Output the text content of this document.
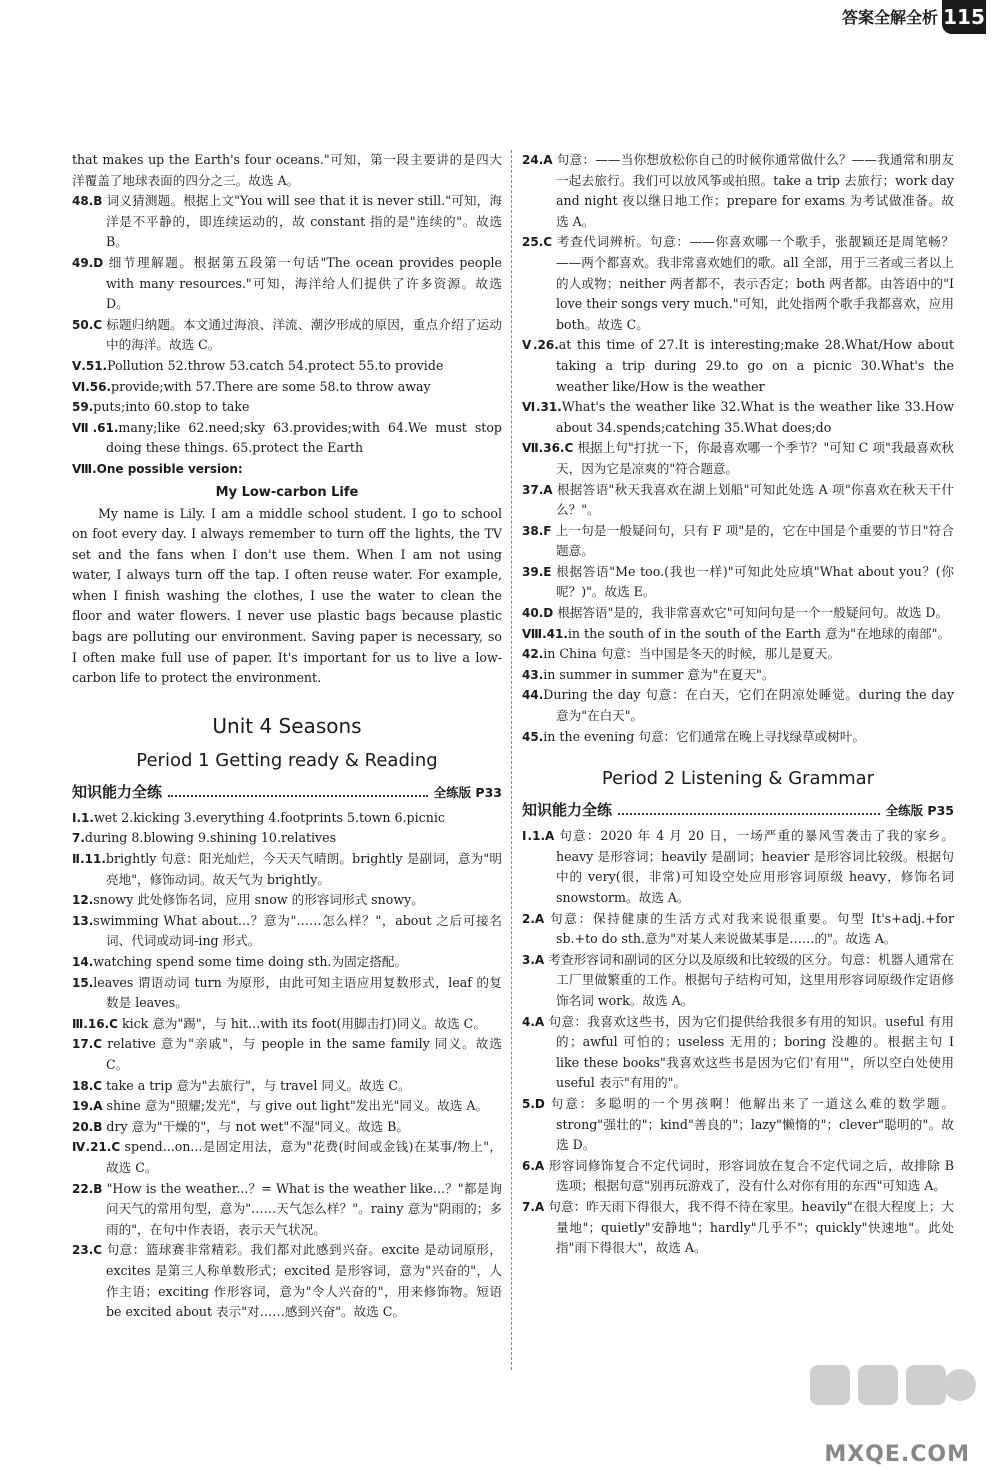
答案全解全析 115

that makes up the Earth's four oceans."可知，第一段主要讲的是四大洋覆盖了地球表面的四分之三。故选 A。

48.B 词义猜测题。根据上文"You will see that it is never still."可知，海洋是不平静的，即连续运动的，故 constant 指的是"连续的"。故选 B。

49.D 细节理解题。根据第五段第一句话"The ocean provides people with many resources."可知，海洋给人们提供了许多资源。故选 D。

50.C 标题归纳题。本文通过海浪、洋流、潮汐形成的原因，重点介绍了运动中的海洋。故选 C。

Ⅴ.51.Pollution 52.throw 53.catch 54.protect 55.to provide

Ⅵ.56.provide;with 57.There are some 58.to throw away

59.puts;into 60.stop to take

Ⅶ.61.many;like 62.need;sky 63.provides;with 64.We must stop doing these things. 65.protect the Earth

Ⅷ.One possible version:

My Low-carbon Life

My name is Lily. I am a middle school student. I go to school on foot every day. I always remember to turn off the lights, the TV set and the fans when I don't use them. When I am not using water, I always turn off the tap. I often reuse water. For example, when I finish washing the clothes, I use the water to clean the floor and water flowers. I never use plastic bags because plastic bags are polluting our environment. Saving paper is necessary, so I often make full use of paper. It's important for us to live a low-carbon life to protect the environment.

Unit 4 Seasons
Period 1 Getting ready & Reading
知识能力全练	全练版 P33

Ⅰ.1.wet 2.kicking 3.everything 4.footprints 5.town 6.picnic

7.during 8.blowing 9.shining 10.relatives

Ⅱ.11.brightly 句意：阳光灿烂，今天天气晴朗。brightly 是副词，意为"明亮地"，修饰动词。故天气为 brightly。

12.snowy 此处修饰名词，应用 snow 的形容词形式 snowy。

13.swimming What about...？意为"……怎么样？"，about 之后可接名词、代词或动词-ing 形式。

14.watching spend some time doing sth.为固定搭配。

15.leaves 谓语动词 turn 为原形，由此可知主语应用复数形式，leaf 的复数是 leaves。

Ⅲ.16.C kick 意为"踢"，与 hit...with its foot(用脚击打)同义。故选 C。

17.C relative 意为"亲戚"，与 people in the same family 同义。故选 C。

18.C take a trip 意为"去旅行"，与 travel 同义。故选 C。

19.A shine 意为"照耀;发光"，与 give out light"发出光"同义。故选 A。

20.B dry 意为"干燥的"，与 not wet"不湿"同义。故选 B。

Ⅳ.21.C spend...on...是固定用法，意为"花费(时间或金钱)在某事/物上"，故选 C。

22.B "How is the weather...？= What is the weather like...？"都是询问天气的常用句型，意为"……天气怎么样？"。rainy 意为"阴雨的；多雨的"，在句中作表语，表示天气状况。

23.C 句意：篮球赛非常精彩。我们都对此感到兴奋。excite 是动词原形，excites 是第三人称单数形式；excited 是形容词，意为"兴奋的"，人作主语；exciting 作形容词，意为"令人兴奋的"，用来修饰物。短语 be excited about 表示"对……感到兴奋"。故选 C。

24.A 句意：——当你想放松你自己的时候你通常做什么？——我通常和朋友一起去旅行。我们可以放风筝或拍照。take a trip 去旅行；work day and night 夜以继日地工作；prepare for exams 为考试做准备。故选 A。

25.C 考查代词辨析。句意：——你喜欢哪一个歌手，张靓颖还是周笔畅？——两个都喜欢。我非常喜欢她们的歌。all 全部，用于三者或三者以上的人或物；neither 两者都不，表示否定；both 两者都。由答语中的"I love their songs very much."可知，此处指两个歌手我都喜欢，应用 both。故选 C。

Ⅴ.26.at this time of 27.It is interesting;make 28.What/How about taking a trip during 29.to go on a picnic 30.What's the weather like/How is the weather

Ⅵ.31.What's the weather like 32.What is the weather like 33.How about 34.spends;catching 35.What does;do

Ⅶ.36.C 根据上句"打扰一下，你最喜欢哪一个季节？"可知 C 项"我最喜欢秋天，因为它是凉爽的"符合题意。

37.A 根据答语"秋天我喜欢在湖上划船"可知此处选 A 项"你喜欢在秋天干什么？"。

38.F 上一句是一般疑问句，只有 F 项"是的，它在中国是个重要的节日"符合题意。

39.E 根据答语"Me too.(我也一样)"可知此处应填"What about you？(你呢？)"。故选 E。

40.D 根据答语"是的，我非常喜欢它"可知问句是一个一般疑问句。故选 D。

Ⅷ.41.in the south of in the south of the Earth 意为"在地球的南部"。

42.in China 句意：当中国是冬天的时候，那儿是夏天。

43.in summer in summer 意为"在夏天"。

44.During the day 句意：在白天，它们在阴凉处睡觉。during the day 意为"在白天"。

45.in the evening 句意：它们通常在晚上寻找绿草或树叶。

Period 2 Listening & Grammar
知识能力全练	全练版 P35

Ⅰ.1.A 句意：2020 年 4 月 20 日，一场严重的暴风雪袭击了我的家乡。heavy 是形容词；heavily 是副词；heavier 是形容词比较级。根据句中的 very(很，非常)可知设空处应用形容词原级 heavy，修饰名词 snowstorm。故选 A。

2.A 句意：保持健康的生活方式对我来说很重要。句型 It's+adj.+for sb.+to do sth.意为"对某人来说做某事是……的"。故选 A。

3.A 考查形容词和副词的区分以及原级和比较级的区分。句意：机器人通常在工厂里做繁重的工作。根据句子结构可知，这里用形容词原级作定语修饰名词 work。故选 A。

4.A 句意：我喜欢这些书，因为它们提供给我很多有用的知识。useful 有用的；awful 可怕的；useless 无用的；boring 没趣的。根据主句 I like these books"我喜欢这些书是因为它们'有用'"，所以空白处使用 useful 表示"有用的"。

5.D 句意：多聪明的一个男孩啊！他解出来了一道这么难的数学题。strong"强壮的"；kind"善良的"；lazy"懒惰的"；clever"聪明的"。故选 D。

6.A 形容词修饰复合不定代词时，形容词放在复合不定代词之后，故排除 B 选项；根据句意"别再玩游戏了，没有什么对你有用的东西"可知选 A。

7.A 句意：昨天雨下得很大，我不得不待在家里。heavily"在很大程度上；大量地"；quietly"安静地"；hardly"几乎不"；quickly"快速地"。此处指"雨下得很大"，故选 A。

MXQE.COM
